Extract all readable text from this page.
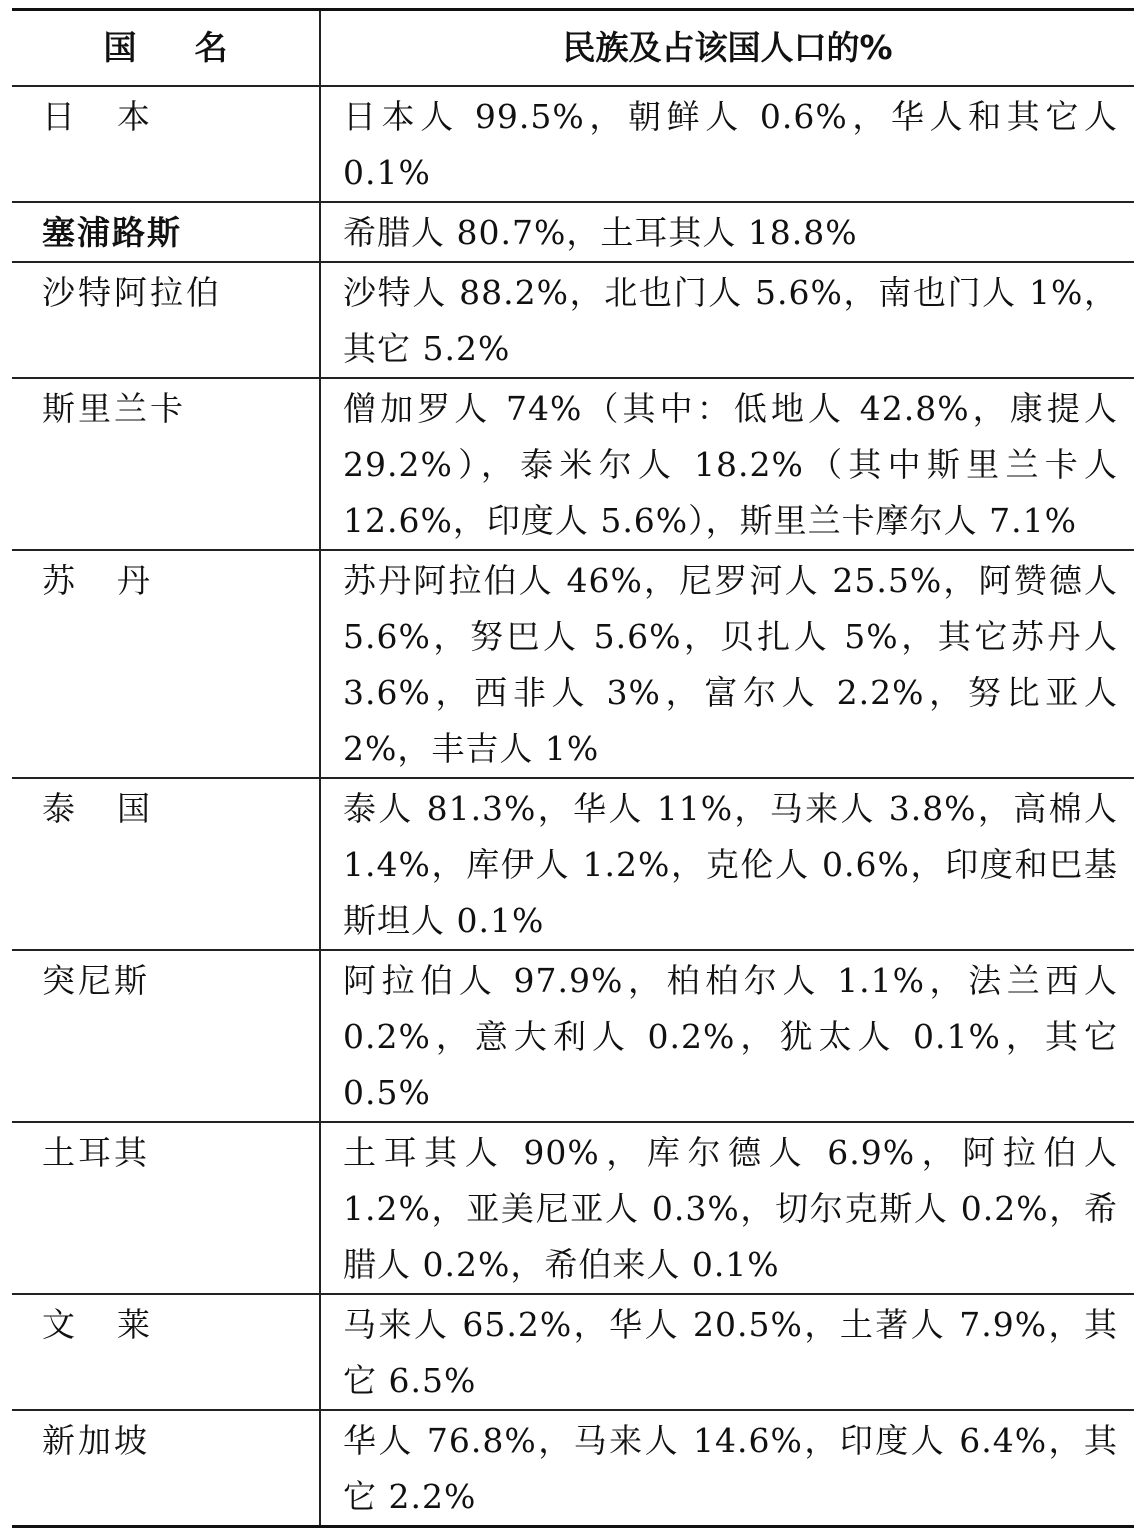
国名	民族及占该国人口的%
日本	日本人 99.5%，朝鲜人 0.6%，华人和其它人 0.1%
塞浦路斯	希腊人 80.7%，土耳其人 18.8%
沙特阿拉伯	沙特人 88.2%，北也门人 5.6%，南也门人 1%，其它 5.2%
斯里兰卡	僧加罗人 74%（其中：低地人 42.8%，康提人 29.2%），泰米尔人 18.2%（其中斯里兰卡人 12.6%，印度人 5.6%），斯里兰卡摩尔人 7.1%
苏丹	苏丹阿拉伯人 46%，尼罗河人 25.5%，阿赞德人 5.6%，努巴人 5.6%，贝扎人 5%，其它苏丹人 3.6%，西非人 3%，富尔人 2.2%，努比亚人 2%，丰吉人 1%
泰国	泰人 81.3%，华人 11%，马来人 3.8%，高棉人 1.4%，库伊人 1.2%，克伦人 0.6%，印度和巴基斯坦人 0.1%
突尼斯	阿拉伯人 97.9%，柏柏尔人 1.1%，法兰西人 0.2%，意大利人 0.2%，犹太人 0.1%，其它 0.5%
土耳其	土耳其人 90%，库尔德人 6.9%，阿拉伯人 1.2%，亚美尼亚人 0.3%，切尔克斯人 0.2%，希腊人 0.2%，希伯来人 0.1%
文莱	马来人 65.2%，华人 20.5%，土著人 7.9%，其它 6.5%
新加坡	华人 76.8%，马来人 14.6%，印度人 6.4%，其它 2.2%
